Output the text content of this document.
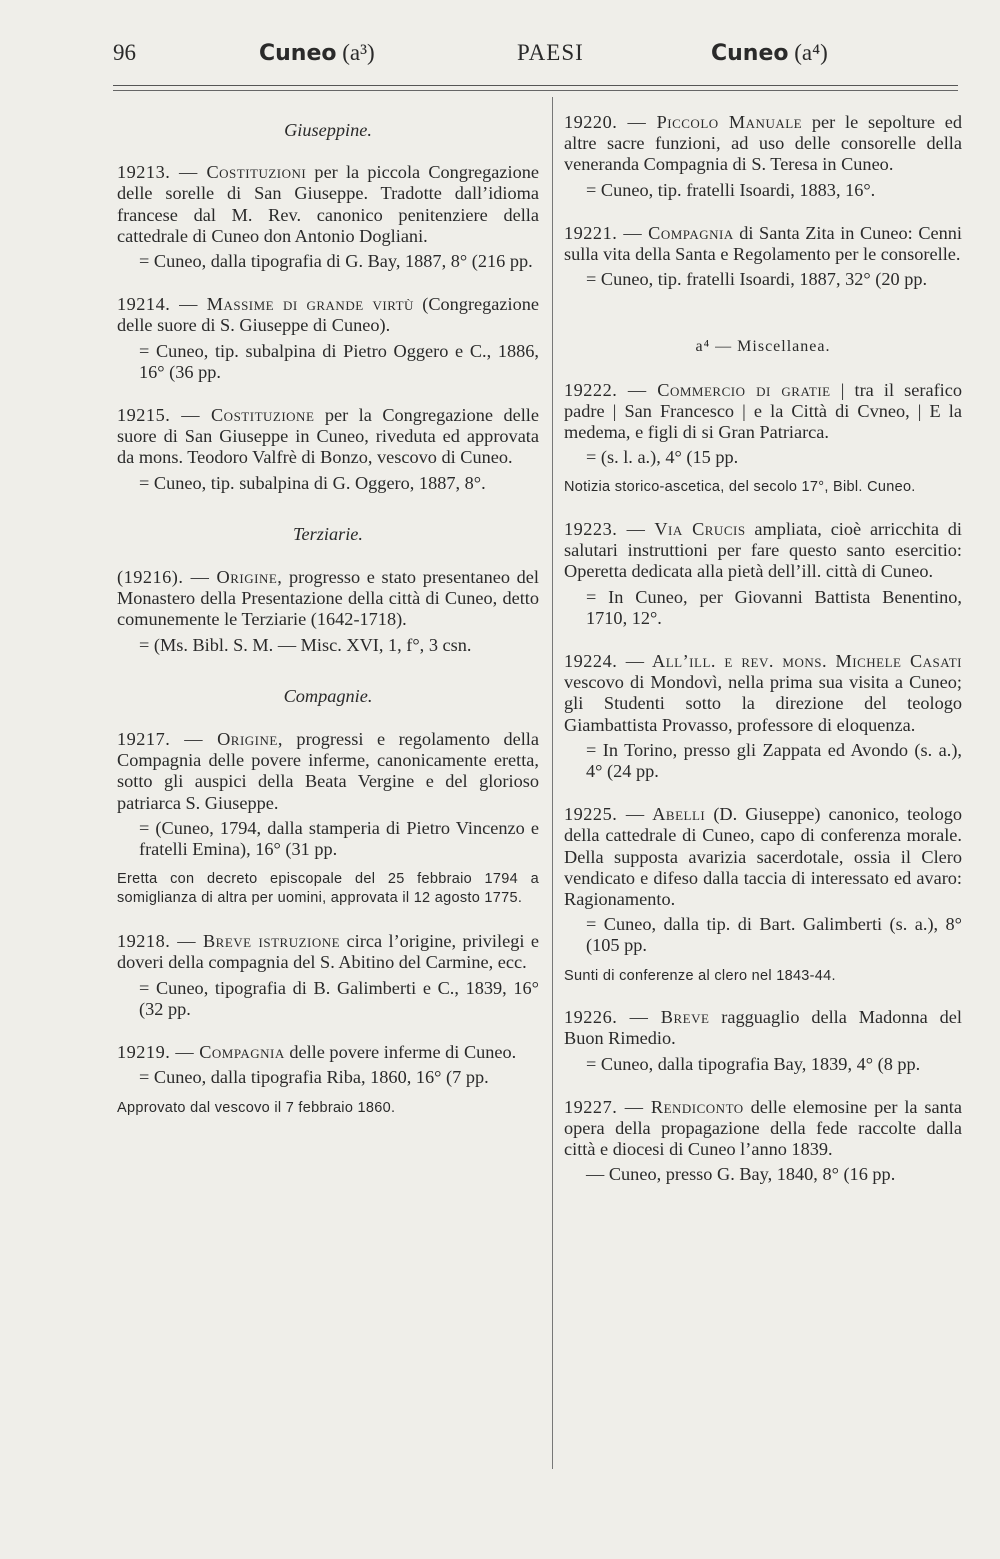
96	Cuneo (a³)	PAESI	Cuneo (a⁴)

Giuseppine.

19213. — Costituzioni per la piccola Congregazione delle sorelle di San Giuseppe. Tradotte dall’idioma francese dal M. Rev. canonico penitenziere della cattedrale di Cuneo don Antonio Dogliani.

= Cuneo, dalla tipografia di G. Bay, 1887, 8° (216 pp.

19214. — Massime di grande virtù (Congregazione delle suore di S. Giuseppe di Cuneo).

= Cuneo, tip. subalpina di Pietro Oggero e C., 1886, 16° (36 pp.

19215. — Costituzione per la Congregazione delle suore di San Giuseppe in Cuneo, riveduta ed approvata da mons. Teodoro Valfrè di Bonzo, vescovo di Cuneo.

= Cuneo, tip. subalpina di G. Oggero, 1887, 8°.

Terziarie.

(19216). — Origine, progresso e stato presentaneo del Monastero della Presentazione della città di Cuneo, detto comunemente le Terziarie (1642-1718).

= (Ms. Bibl. S. M. — Misc. XVI, 1, f°, 3 csn.

Compagnie.

19217. — Origine, progressi e regolamento della Compagnia delle povere inferme, canonicamente eretta, sotto gli auspici della Beata Vergine e del glorioso patriarca S. Giuseppe.

= (Cuneo, 1794, dalla stamperia di Pietro Vincenzo e fratelli Emina), 16° (31 pp.

Eretta con decreto episcopale del 25 febbraio 1794 a somiglianza di altra per uomini, approvata il 12 agosto 1775.

19218. — Breve istruzione circa l’origine, privilegi e doveri della compagnia del S. Abitino del Carmine, ecc.

= Cuneo, tipografia di B. Galimberti e C., 1839, 16° (32 pp.

19219. — Compagnia delle povere inferme di Cuneo.

= Cuneo, dalla tipografia Riba, 1860, 16° (7 pp.

Approvato dal vescovo il 7 febbraio 1860.

19220. — Piccolo Manuale per le sepolture ed altre sacre funzioni, ad uso delle consorelle della veneranda Compagnia di S. Teresa in Cuneo.

= Cuneo, tip. fratelli Isoardi, 1883, 16°.

19221. — Compagnia di Santa Zita in Cuneo: Cenni sulla vita della Santa e Regolamento per le consorelle.

= Cuneo, tip. fratelli Isoardi, 1887, 32° (20 pp.

a⁴ — Miscellanea.

19222. — Commercio di gratie | tra il serafico padre | San Francesco | e la Città di Cvneo, | E la medema, e figli di si Gran Patriarca.

= (s. l. a.), 4° (15 pp.

Notizia storico-ascetica, del secolo 17°, Bibl. Cuneo.

19223. — Via Crucis ampliata, cioè arricchita di salutari instruttioni per fare questo santo esercitio: Operetta dedicata alla pietà dell’ill. città di Cuneo.

= In Cuneo, per Giovanni Battista Benentino, 1710, 12°.

19224. — All’ill. e rev. mons. Michele Casati vescovo di Mondovì, nella prima sua visita a Cuneo; gli Studenti sotto la direzione del teologo Giambattista Provasso, professore di eloquenza.

= In Torino, presso gli Zappata ed Avondo (s. a.), 4° (24 pp.

19225. — Abelli (D. Giuseppe) canonico, teologo della cattedrale di Cuneo, capo di conferenza morale. Della supposta avarizia sacerdotale, ossia il Clero vendicato e difeso dalla taccia di interessato ed avaro: Ragionamento.

= Cuneo, dalla tip. di Bart. Galimberti (s. a.), 8° (105 pp.

Sunti di conferenze al clero nel 1843-44.

19226. — Breve ragguaglio della Madonna del Buon Rimedio.

= Cuneo, dalla tipografia Bay, 1839, 4° (8 pp.

19227. — Rendiconto delle elemosine per la santa opera della propagazione della fede raccolte dalla città e diocesi di Cuneo l’anno 1839.

— Cuneo, presso G. Bay, 1840, 8° (16 pp.
